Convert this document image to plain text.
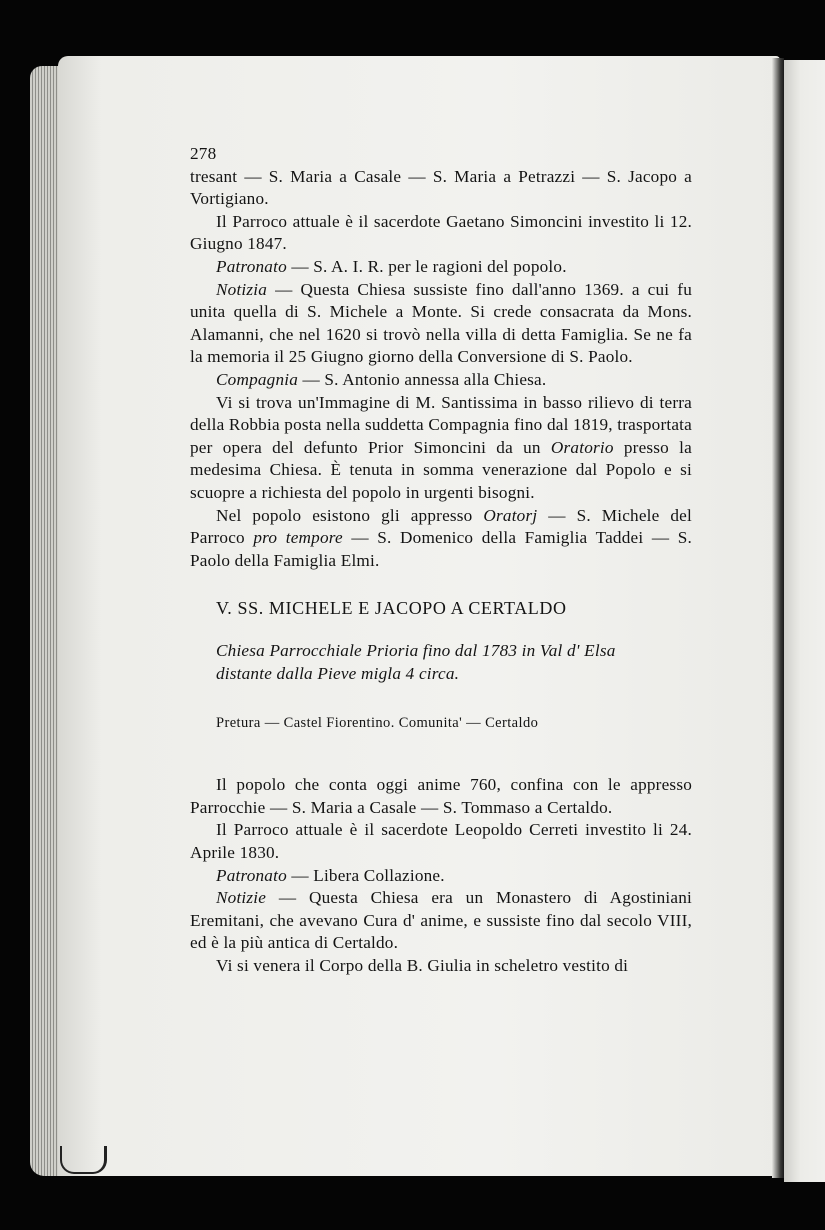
278

tresant — S. Maria a Casale — S. Maria a Petrazzi — S. Jacopo a Vortigiano.

Il Parroco attuale è il sacerdote Gaetano Simoncini investito li 12. Giugno 1847.

Patronato — S. A. I. R. per le ragioni del popolo.

Notizia — Questa Chiesa sussiste fino dall'anno 1369. a cui fu unita quella di S. Michele a Monte. Si crede consacrata da Mons. Alamanni, che nel 1620 si trovò nella villa di detta Famiglia. Se ne fa la memoria il 25 Giugno giorno della Conversione di S. Paolo.

Compagnia — S. Antonio annessa alla Chiesa.

Vi si trova un'Immagine di M. Santissima in basso rilievo di terra della Robbia posta nella suddetta Compagnia fino dal 1819, trasportata per opera del defunto Prior Simoncini da un Oratorio presso la medesima Chiesa. È tenuta in somma venerazione dal Popolo e si scuopre a richiesta del popolo in urgenti bisogni.

Nel popolo esistono gli appresso Oratorj — S. Michele del Parroco pro tempore — S. Domenico della Famiglia Taddei — S. Paolo della Famiglia Elmi.

V. SS. MICHELE E JACOPO A CERTALDO

Chiesa Parrocchiale Prioria fino dal 1783 in Val d' Elsa
distante dalla Pieve migla 4 circa.

Pretura — Castel Fiorentino. Comunita' — Certaldo

Il popolo che conta oggi anime 760, confina con le appresso Parrocchie — S. Maria a Casale — S. Tommaso a Certaldo.

Il Parroco attuale è il sacerdote Leopoldo Cerreti investito li 24. Aprile 1830.

Patronato — Libera Collazione.

Notizie — Questa Chiesa era un Monastero di Agostiniani Eremitani, che avevano Cura d' anime, e sussiste fino dal secolo VIII, ed è la più antica di Certaldo.

Vi si venera il Corpo della B. Giulia in scheletro vestito di
